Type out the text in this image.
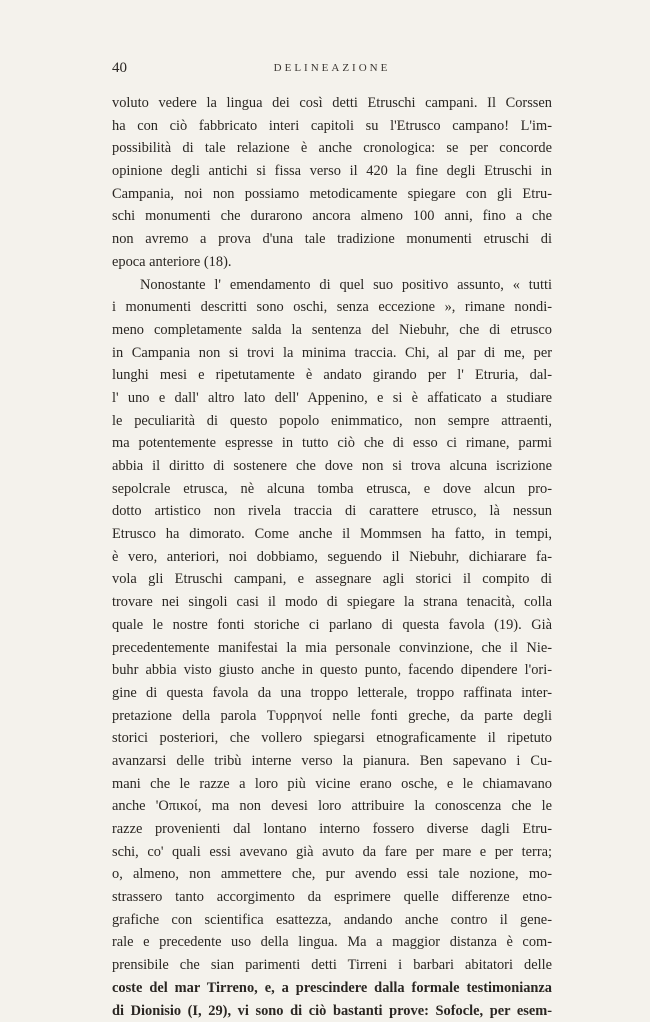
40	DELINEAZIONE
voluto vedere la lingua dei così detti Etruschi campani. Il Corssen
ha con ciò fabbricato interi capitoli su l'Etrusco campano! L'im-
possibilità di tale relazione è anche cronologica: se per concorde
opinione degli antichi si fissa verso il 420 la fine degli Etruschi in
Campania, noi non possiamo metodicamente spiegare con gli Etru-
schi monumenti che durarono ancora almeno 100 anni, fino a che
non avremo a prova d'una tale tradizione monumenti etruschi di
epoca anteriore (18).
Nonostante l' emendamento di quel suo positivo assunto, « tutti
i monumenti descritti sono oschi, senza eccezione », rimane nondi-
meno completamente salda la sentenza del Niebuhr, che di etrusco
in Campania non si trovi la minima traccia. Chi, al par di me, per
lunghi mesi e ripetutamente è andato girando per l' Etruria, dal-
l' uno e dall' altro lato dell' Appenino, e si è affaticato a studiare
le peculiarità di questo popolo enimmatico, non sempre attraenti,
ma potentemente espresse in tutto ciò che di esso ci rimane, parmi
abbia il diritto di sostenere che dove non si trova alcuna iscrizione
sepolcrale etrusca, nè alcuna tomba etrusca, e dove alcun pro-
dotto artistico non rivela traccia di carattere etrusco, là nessun
Etrusco ha dimorato. Come anche il Mommsen ha fatto, in tempi,
è vero, anteriori, noi dobbiamo, seguendo il Niebuhr, dichiarare fa-
vola gli Etruschi campani, e assegnare agli storici il compito di
trovare nei singoli casi il modo di spiegare la strana tenacità, colla
quale le nostre fonti storiche ci parlano di questa favola (19). Già
precedentemente manifestai la mia personale convinzione, che il Nie-
buhr abbia visto giusto anche in questo punto, facendo dipendere l'ori-
gine di questa favola da una troppo letterale, troppo raffinata inter-
pretazione della parola Τυρρηνοί nelle fonti greche, da parte degli
storici posteriori, che vollero spiegarsi etnograficamente il ripetuto
avanzarsi delle tribù interne verso la pianura. Ben sapevano i Cu-
mani che le razze a loro più vicine erano osche, e le chiamavano
anche 'Οπικοί, ma non devesi loro attribuire la conoscenza che le
razze provenienti dal lontano interno fossero diverse dagli Etru-
schi, co' quali essi avevano già avuto da fare per mare e per terra;
o, almeno, non ammettere che, pur avendo essi tale nozione, mo-
strassero tanto accorgimento da esprimere quelle differenze etno-
grafiche con scientifica esattezza, andando anche contro il gene-
rale e precedente uso della lingua. Ma a maggior distanza è com-
prensibile che sian parimenti detti Tirreni i barbari abitatori delle
coste del mar Tirreno, e, a prescindere dalla formale testimonianza
di Dionisio (I, 29), vi sono di ciò bastanti prove: Sofocle, per esem-
